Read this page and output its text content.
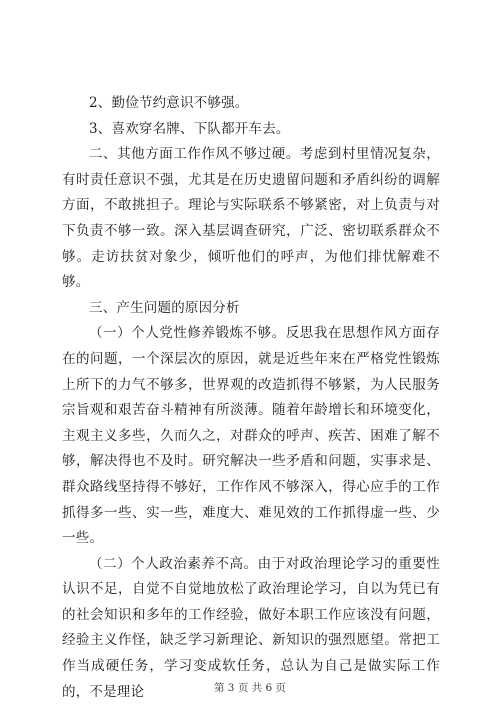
2、勤俭节约意识不够强。

3、喜欢穿名牌、下队都开车去。

二、其他方面工作作风不够过硬。考虑到村里情况复杂，有时责任意识不强，尤其是在历史遗留问题和矛盾纠纷的调解方面，不敢挑担子。理论与实际联系不够紧密，对上负责与对下负责不够一致。深入基层调查研究，广泛、密切联系群众不够。走访扶贫对象少，倾听他们的呼声，为他们排忧解难不够。

三、产生问题的原因分析

（一）个人党性修养锻炼不够。反思我在思想作风方面存在的问题，一个深层次的原因，就是近些年来在严格党性锻炼上所下的力气不够多，世界观的改造抓得不够紧，为人民服务宗旨观和艰苦奋斗精神有所淡薄。随着年龄增长和环境变化，主观主义多些，久而久之，对群众的呼声、疾苦、困难了解不够，解决得也不及时。研究解决一些矛盾和问题，实事求是、群众路线坚持得不够好，工作作风不够深入，得心应手的工作抓得多一些、实一些，难度大、难见效的工作抓得虚一些、少一些。

（二）个人政治素养不高。由于对政治理论学习的重要性认识不足，自觉不自觉地放松了政治理论学习，自以为凭已有的社会知识和多年的工作经验，做好本职工作应该没有问题，经验主义作怪，缺乏学习新理论、新知识的强烈愿望。常把工作当成硬任务，学习变成软任务，总认为自己是做实际工作的，不是理论	第 3 页 共 6 页
